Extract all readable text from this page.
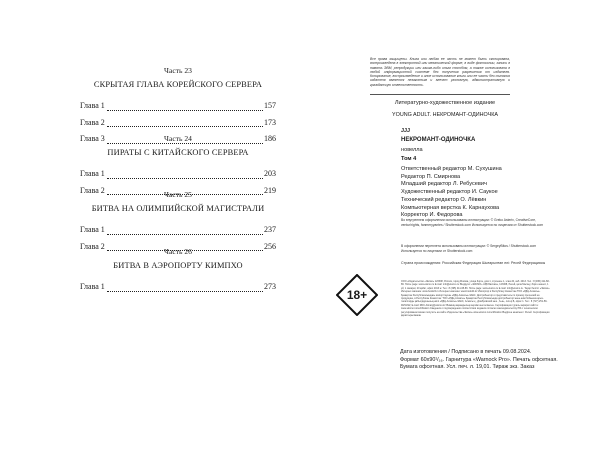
Часть 23
СКРЫТАЯ ГЛАВА КОРЕЙСКОГО СЕРВЕРА
Глава 1	157
Глава 2	173
Глава 3	186
Часть 24
ПИРАТЫ С КИТАЙСКОГО СЕРВЕРА
Глава 1	203
Глава 2	219
Часть 25
БИТВА НА ОЛИМПИЙСКОЙ МАГИСТРАЛИ
Глава 1	237
Глава 2	256
Часть 26
БИТВА В АЭРОПОРТУ КИМПХО
Глава 1	273
Все права защищены. Книга или любая ее часть не может быть скопирована, воспроизведена в электронной или механической форме, в виде фотокопии, записи в память ЭВМ, репродукции или каким-либо иным способом, а также использована в любой информационной системе без получения разрешения от издателя. Копирование, воспроизведение и иное использование книги или ее части без согласия издателя является незаконным и влечет уголовную, административную и гражданскую ответственность.
Литературно-художественное издание
YOUNG ADULT. НЕКРОМАНТ-ОДИНОЧКА
JJJ
НЕКРОМАНТ-ОДИНОЧКА
новелла
Том 4
Ответственный редактор М. Сухушина
Редактор П. Смирнова
Младший редактор Л. Ребусевич
Художественный редактор И. Саукое
Технический редактор О. Лёвкин
Компьютерная верстка К. Карнаухова
Корректор И. Федорова
Во внутреннем оформлении использованы иллюстрации: © Greko Asterix, CreativeCore, ventur/rights, fanmeryyantes / Shutterstock.com Используется по лицензии от Shutterstock.com
В оформлении переплета использованы иллюстрации: © SergeyBitos / Shutterstock.com Используется по лицензии от Shutterstock.com
Страна происхождения: Российская Федерация Шығарылған елі: Ресей Федерациясы
18+
ООО «Издательство «Эксмо» 123308, Россия, город Москва, улица Зорге, дом 1, строение 1, этаж 20, каб. 2013. Тел.: 8 (495) 411-68-86. Home page: www.eksmo.ru E-mail: info@eksmo.ru Өндіруші: «ЭКСМО» АҚБ Баспасы, 123308, Ресей, қала Мәскеу, Зорге көшесі, 1 үй, 1 ғимарат, 20 қабат, офис 2013 ж. Тел.: 8 (495) 411-68-86. Home page: www.eksmo.ru E-mail: info@eksmo.ru. Тауар белгісі: «Эксмо» Интернет-магазин: www.book24.ru Интернет-магазин: www.book24.kz Импортёр в Республику Казахстан ТОО «РДЦ-Алматы». Қазақстан Республикасындағы импорттаушы «РДЦ-Алматы» ЖШС. Дистрибьютор и представитель по приему претензий на продукцию, в Республике Казахстан: ТОО «РДЦ-Алматы» Қазақстан Республикасында дистрибьютор және өнім бойынша арыз-талаптарды қабылдаушының өкілі «РДЦ-Алматы» ЖШС, Алматы қ., Домбровский көш., 3«а», литер Б, офис 1. Тел.: 8 (727) 251-59-90/91/92; E-mail: RDC-Almaty@eksmo.kz Өнімнің жарамдылық мерзімі шектелмеген. Сертификация туралы ақпарат сайтта: www.eksmo.ru/certification Сведения о подтверждении соответствия издания согласно законодательству РФ о техническом регулировании можно получить на сайте Издательства «Эксмо» www.eksmo.ru/certification Өндірген мемлекет: Ресей. Сертификация қарастырылмаған
Дата изготовления / Подписано в печать 09.08.2024.
Формат 60x90¹/₁₆. Гарнитура «Warnock Pro». Печать офсетная.
Бумага офсетная. Усл. печ. л. 19,01. Тираж экз. Заказ
